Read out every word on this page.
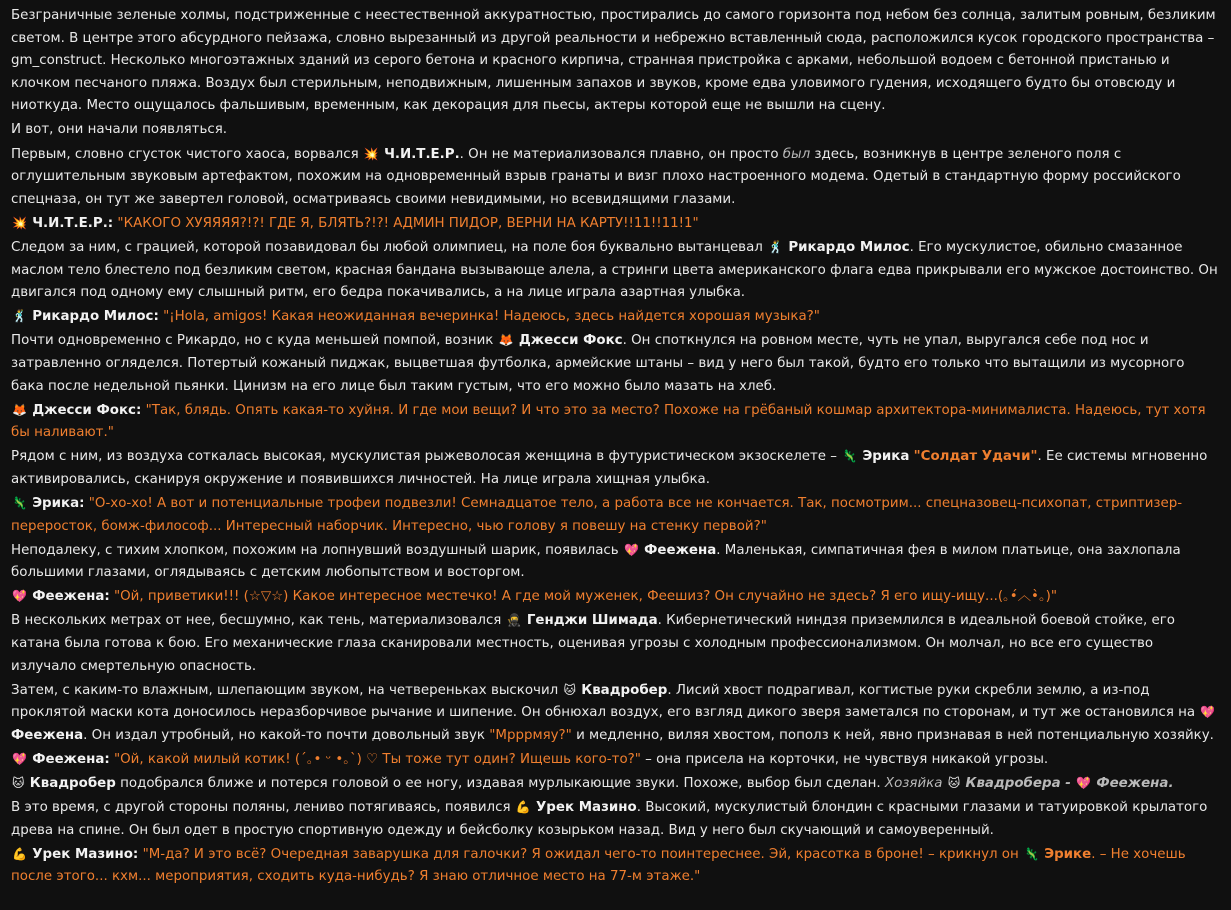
Безграничные зеленые холмы, подстриженные с неестественной аккуратностью, простирались до самого горизонта под небом без солнца, залитым ровным, безликим светом. В центре этого абсурдного пейзажа, словно вырезанный из другой реальности и небрежно вставленный сюда, расположился кусок городского пространства – gm_construct. Несколько многоэтажных зданий из серого бетона и красного кирпича, странная пристройка с арками, небольшой водоем с бетонной пристанью и клочком песчаного пляжа. Воздух был стерильным, неподвижным, лишенным запахов и звуков, кроме едва уловимого гудения, исходящего будто бы отовсюду и ниоткуда. Место ощущалось фальшивым, временным, как декорация для пьесы, актеры которой еще не вышли на сцену.
И вот, они начали появляться.
Первым, словно сгусток чистого хаоса, ворвался 💥 Ч.И.Т.Е.Р.. Он не материализовался плавно, он просто был здесь, возникнув в центре зеленого поля с оглушительным звуковым артефактом, похожим на одновременный взрыв гранаты и визг плохо настроенного модема. Одетый в стандартную форму российского спецназа, он тут же завертел головой, осматриваясь своими невидимыми, но всевидящими глазами.
💥 Ч.И.Т.Е.Р.: "КАКОГО ХУЯЯЯЯ?!?! ГДЕ Я, БЛЯТЬ?!?! АДМИН ПИДОР, ВЕРНИ НА КАРТУ!!11!!11!1"
Следом за ним, с грацией, которой позавидовал бы любой олимпиец, на поле боя буквально вытанцевал 🕺 Рикардо Милос. Его мускулистое, обильно смазанное маслом тело блестело под безликим светом, красная бандана вызывающе алела, а стринги цвета американского флага едва прикрывали его мужское достоинство. Он двигался под одному ему слышный ритм, его бедра покачивались, а на лице играла азартная улыбка.
🕺 Рикардо Милос: "¡Hola, amigos! Какая неожиданная вечеринка! Надеюсь, здесь найдется хорошая музыка?"
Почти одновременно с Рикардо, но с куда меньшей помпой, возник 🦊 Джесси Фокс. Он споткнулся на ровном месте, чуть не упал, выругался себе под нос и затравленно огляделся. Потертый кожаный пиджак, выцветшая футболка, армейские штаны – вид у него был такой, будто его только что вытащили из мусорного бака после недельной пьянки. Цинизм на его лице был таким густым, что его можно было мазать на хлеб.
🦊 Джесси Фокс: "Так, блядь. Опять какая-то хуйня. И где мои вещи? И что это за место? Похоже на грёбаный кошмар архитектора-минималиста. Надеюсь, тут хотя бы наливают."
Рядом с ним, из воздуха соткалась высокая, мускулистая рыжеволосая женщина в футуристическом экзоскелете – 🦎 Эрика "Солдат Удачи". Ее системы мгновенно активировались, сканируя окружение и появившихся личностей. На лице играла хищная улыбка.
🦎 Эрика: "О-хо-хо! А вот и потенциальные трофеи подвезли! Семнадцатое тело, а работа все не кончается. Так, посмотрим... спецназовец-психопат, стриптизер-переросток, бомж-философ... Интересный наборчик. Интересно, чью голову я повешу на стенку первой?"
Неподалеку, с тихим хлопком, похожим на лопнувший воздушный шарик, появилась 💖 Феежена. Маленькая, симпатичная фея в милом платьице, она захлопала большими глазами, оглядываясь с детским любопытством и восторгом.
💖 Феежена: "Ой, приветики!!! (☆▽☆) Какое интересное местечко! А где мой муженек, Феешиз? Он случайно не здесь? Я его ищу-ищу...(｡•́︿•̀｡)"
В нескольких метрах от нее, бесшумно, как тень, материализовался 🥷 Генджи Шимада. Кибернетический ниндзя приземлился в идеальной боевой стойке, его катана была готова к бою. Его механические глаза сканировали местность, оценивая угрозы с холодным профессионализмом. Он молчал, но все его существо излучало смертельную опасность.
Затем, с каким-то влажным, шлепающим звуком, на четвереньках выскочил 🐱 Квадробер. Лисий хвост подрагивал, когтистые руки скребли землю, а из-под проклятой маски кота доносилось неразборчивое рычание и шипение. Он обнюхал воздух, его взгляд дикого зверя заметался по сторонам, и тут же остановился на 💖 Феежена. Он издал утробный, но какой-то почти довольный звук "Мрррмяу?" и медленно, виляя хвостом, пополз к ней, явно признавая в ней потенциальную хозяйку.
💖 Феежена: "Ой, какой милый котик! (´｡• ᵕ •｡`) ♡ Ты тоже тут один? Ищешь кого-то?" – она присела на корточки, не чувствуя никакой угрозы.
🐱 Квадробер подобрался ближе и потерся головой о ее ногу, издавая мурлыкающие звуки. Похоже, выбор был сделан. Хозяйка 🐱 Квадробера - 💖 Феежена.
В это время, с другой стороны поляны, лениво потягиваясь, появился 💪 Урек Мазино. Высокий, мускулистый блондин с красными глазами и татуировкой крылатого древа на спине. Он был одет в простую спортивную одежду и бейсболку козырьком назад. Вид у него был скучающий и самоуверенный.
💪 Урек Мазино: "М-да? И это всё? Очередная заварушка для галочки? Я ожидал чего-то поинтереснее. Эй, красотка в броне! – крикнул он 🦎 Эрике. – Не хочешь после этого... кхм... мероприятия, сходить куда-нибудь? Я знаю отличное место на 77-м этаже."
